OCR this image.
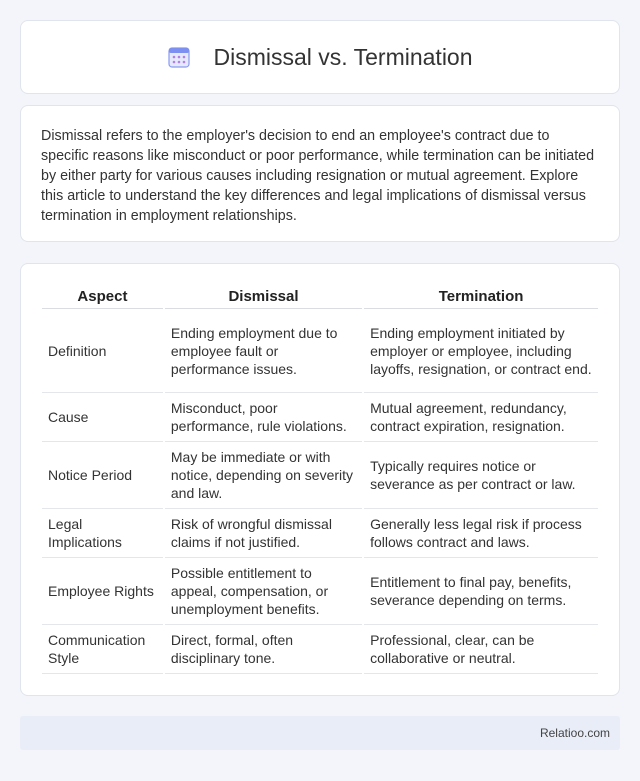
Dismissal vs. Termination

Dismissal refers to the employer's decision to end an employee's contract due to specific reasons like misconduct or poor performance, while termination can be initiated by either party for various causes including resignation or mutual agreement. Explore this article to understand the key differences and legal implications of dismissal versus termination in employment relationships.

Aspect	Dismissal	Termination
Definition	Ending employment due to employee fault or performance issues.	Ending employment initiated by employer or employee, including layoffs, resignation, or contract end.
Cause	Misconduct, poor performance, rule violations.	Mutual agreement, redundancy, contract expiration, resignation.
Notice Period	May be immediate or with notice, depending on severity and law.	Typically requires notice or severance as per contract or law.
Legal Implications	Risk of wrongful dismissal claims if not justified.	Generally less legal risk if process follows contract and laws.
Employee Rights	Possible entitlement to appeal, compensation, or unemployment benefits.	Entitlement to final pay, benefits, severance depending on terms.
Communication Style	Direct, formal, often disciplinary tone.	Professional, clear, can be collaborative or neutral.
Relatioo.com
